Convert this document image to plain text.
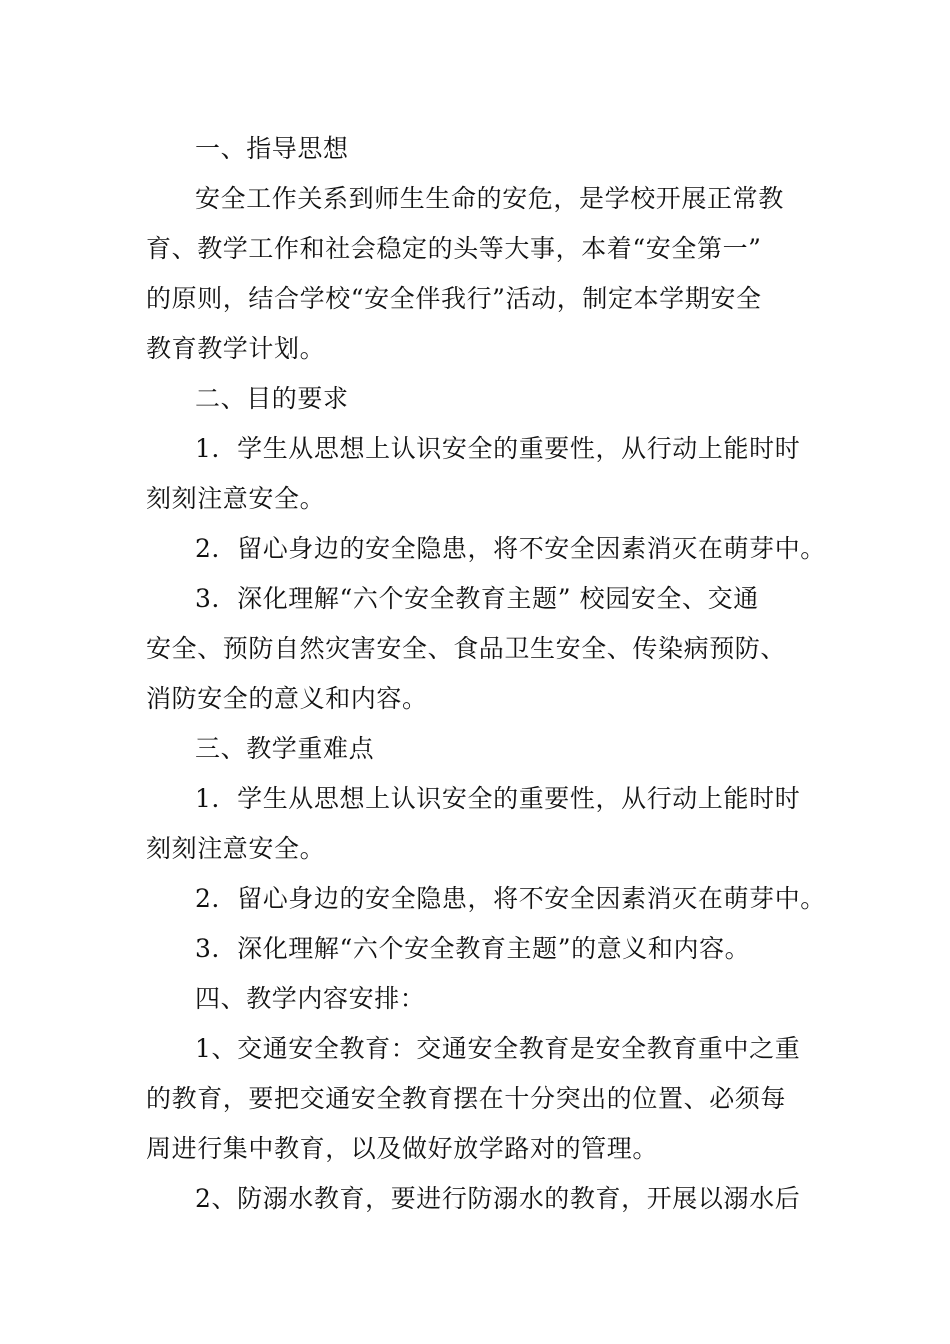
一、指导思想
安全工作关系到师生生命的安危，是学校开展正常教
育、教学工作和社会稳定的头等大事，本着“安全第一”
的原则，结合学校“安全伴我行”活动，制定本学期安全
教育教学计划。
二、目的要求
1．学生从思想上认识安全的重要性，从行动上能时时
刻刻注意安全。
2．留心身边的安全隐患，将不安全因素消灭在萌芽中。
3．深化理解“六个安全教育主题” 校园安全、交通
安全、预防自然灾害安全、食品卫生安全、传染病预防、
消防安全的意义和内容。
三、教学重难点
1．学生从思想上认识安全的重要性，从行动上能时时
刻刻注意安全。
2．留心身边的安全隐患，将不安全因素消灭在萌芽中。
3．深化理解“六个安全教育主题”的意义和内容。
四、教学内容安排：
1、交通安全教育：交通安全教育是安全教育重中之重
的教育，要把交通安全教育摆在十分突出的位置、必须每
周进行集中教育，以及做好放学路对的管理。
2、防溺水教育，要进行防溺水的教育，开展以溺水后
